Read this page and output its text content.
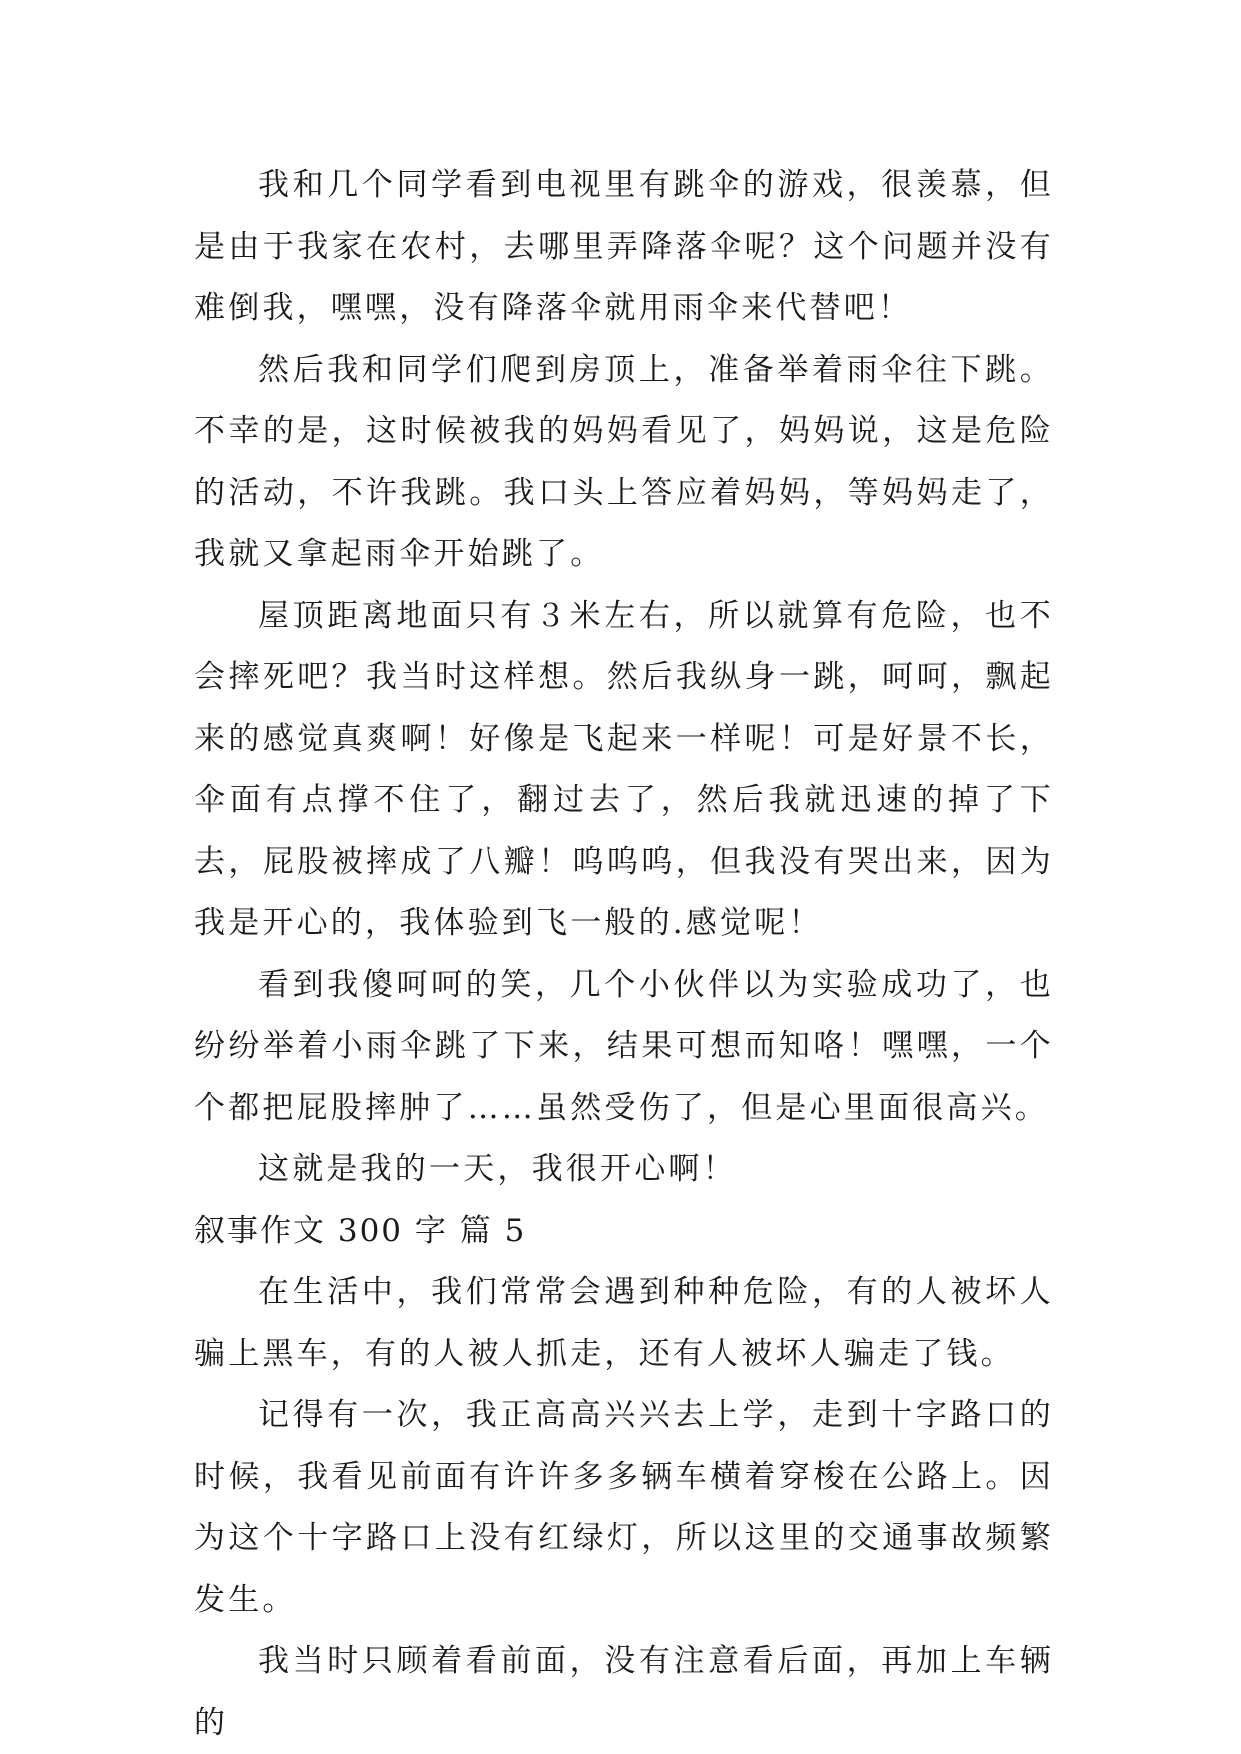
我和几个同学看到电视里有跳伞的游戏，很羡慕，但是由于我家在农村，去哪里弄降落伞呢？这个问题并没有难倒我，嘿嘿，没有降落伞就用雨伞来代替吧！

然后我和同学们爬到房顶上，准备举着雨伞往下跳。不幸的是，这时候被我的妈妈看见了，妈妈说，这是危险的活动，不许我跳。我口头上答应着妈妈，等妈妈走了，我就又拿起雨伞开始跳了。

屋顶距离地面只有３米左右，所以就算有危险，也不会摔死吧？我当时这样想。然后我纵身一跳，呵呵，飘起来的感觉真爽啊！好像是飞起来一样呢！可是好景不长，伞面有点撑不住了，翻过去了，然后我就迅速的掉了下去，屁股被摔成了八瓣！呜呜呜，但我没有哭出来，因为我是开心的，我体验到飞一般的.感觉呢！

看到我傻呵呵的笑，几个小伙伴以为实验成功了，也纷纷举着小雨伞跳了下来，结果可想而知咯！嘿嘿，一个个都把屁股摔肿了……虽然受伤了，但是心里面很高兴。

这就是我的一天，我很开心啊！

叙事作文 300 字 篇 5

在生活中，我们常常会遇到种种危险，有的人被坏人骗上黑车，有的人被人抓走，还有人被坏人骗走了钱。

记得有一次，我正高高兴兴去上学，走到十字路口的时候，我看见前面有许许多多辆车横着穿梭在公路上。因为这个十字路口上没有红绿灯，所以这里的交通事故频繁发生。

我当时只顾着看前面，没有注意看后面，再加上车辆的
